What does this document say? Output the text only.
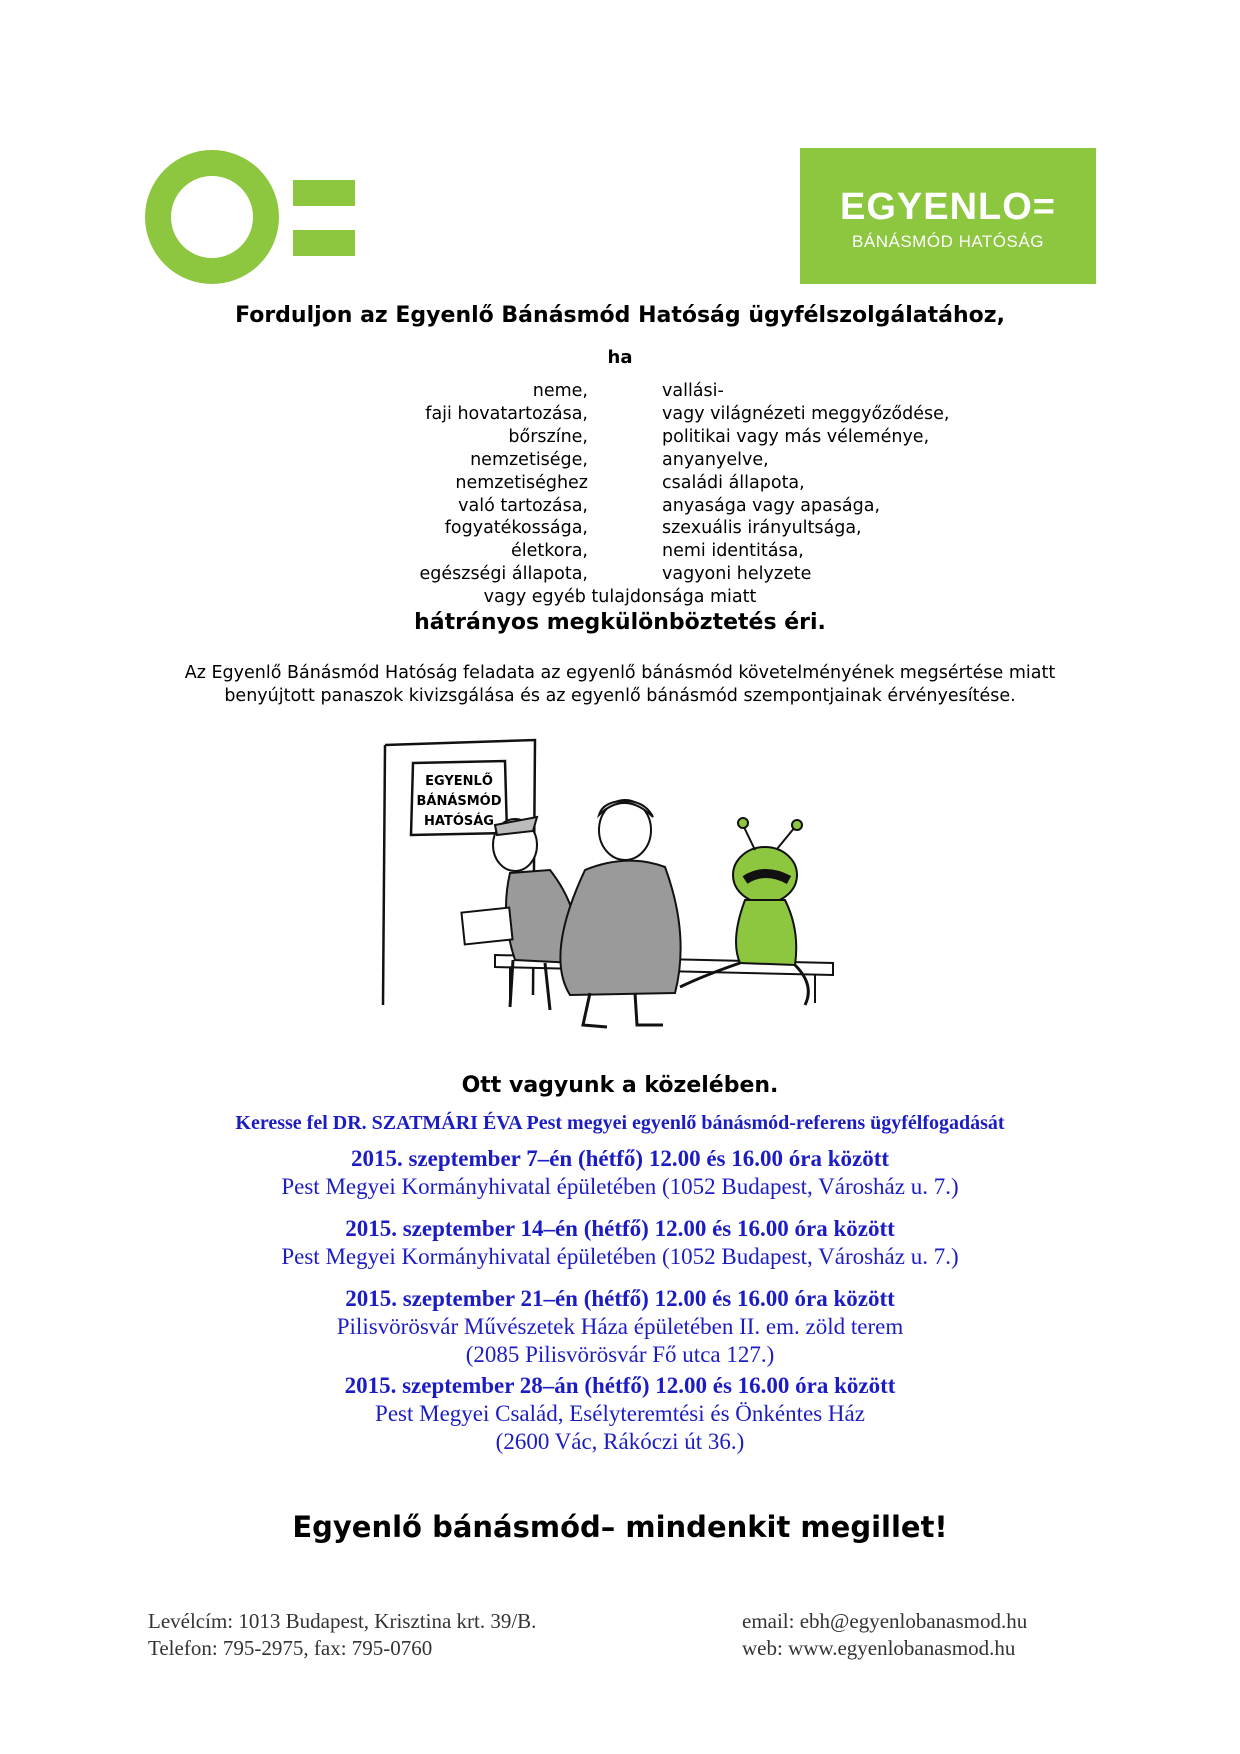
EGYENLO=
BÁNÁSMÓD HATÓSÁG
Forduljon az Egyenlő Bánásmód Hatóság ügyfélszolgálatához,
ha
neme,
faji hovatartozása,
bőrszíne,
nemzetisége,
nemzetiséghez
való tartozása,
fogyatékossága,
életkora,
egészségi állapota,
vallási-
vagy világnézeti meggyőződése,
politikai vagy más véleménye,
anyanyelve,
családi állapota,
anyasága vagy apasága,
szexuális irányultsága,
nemi identitása,
vagyoni helyzete
vagy egyéb tulajdonsága miatt
hátrányos megkülönböztetés éri.
Az Egyenlő Bánásmód Hatóság feladata az egyenlő bánásmód követelményének megsértése miatt
benyújtott panaszok kivizsgálása és az egyenlő bánásmód szempontjainak érvényesítése.
EGYENLŐ
BÁNÁSMÓD
HATÓSÁG
Ott vagyunk a közelében.
Keresse fel DR. SZATMÁRI ÉVA Pest megyei egyenlő bánásmód-referens ügyfélfogadását
2015. szeptember 7–én (hétfő) 12.00 és 16.00 óra között
Pest Megyei Kormányhivatal épületében (1052 Budapest, Városház u. 7.)
2015. szeptember 14–én (hétfő) 12.00 és 16.00 óra között
Pest Megyei Kormányhivatal épületében (1052 Budapest, Városház u. 7.)
2015. szeptember 21–én (hétfő) 12.00 és 16.00 óra között
Pilisvörösvár Művészetek Háza épületében II. em. zöld terem
(2085 Pilisvörösvár Fő utca 127.)
2015. szeptember 28–án (hétfő) 12.00 és 16.00 óra között
Pest Megyei Család, Esélyteremtési és Önkéntes Ház
(2600 Vác, Rákóczi út 36.)
Egyenlő bánásmód– mindenkit megillet!
Levélcím: 1013 Budapest, Krisztina krt. 39/B.
Telefon: 795-2975, fax: 795-0760
email: ebh@egyenlobanasmod.hu
web: www.egyenlobanasmod.hu
